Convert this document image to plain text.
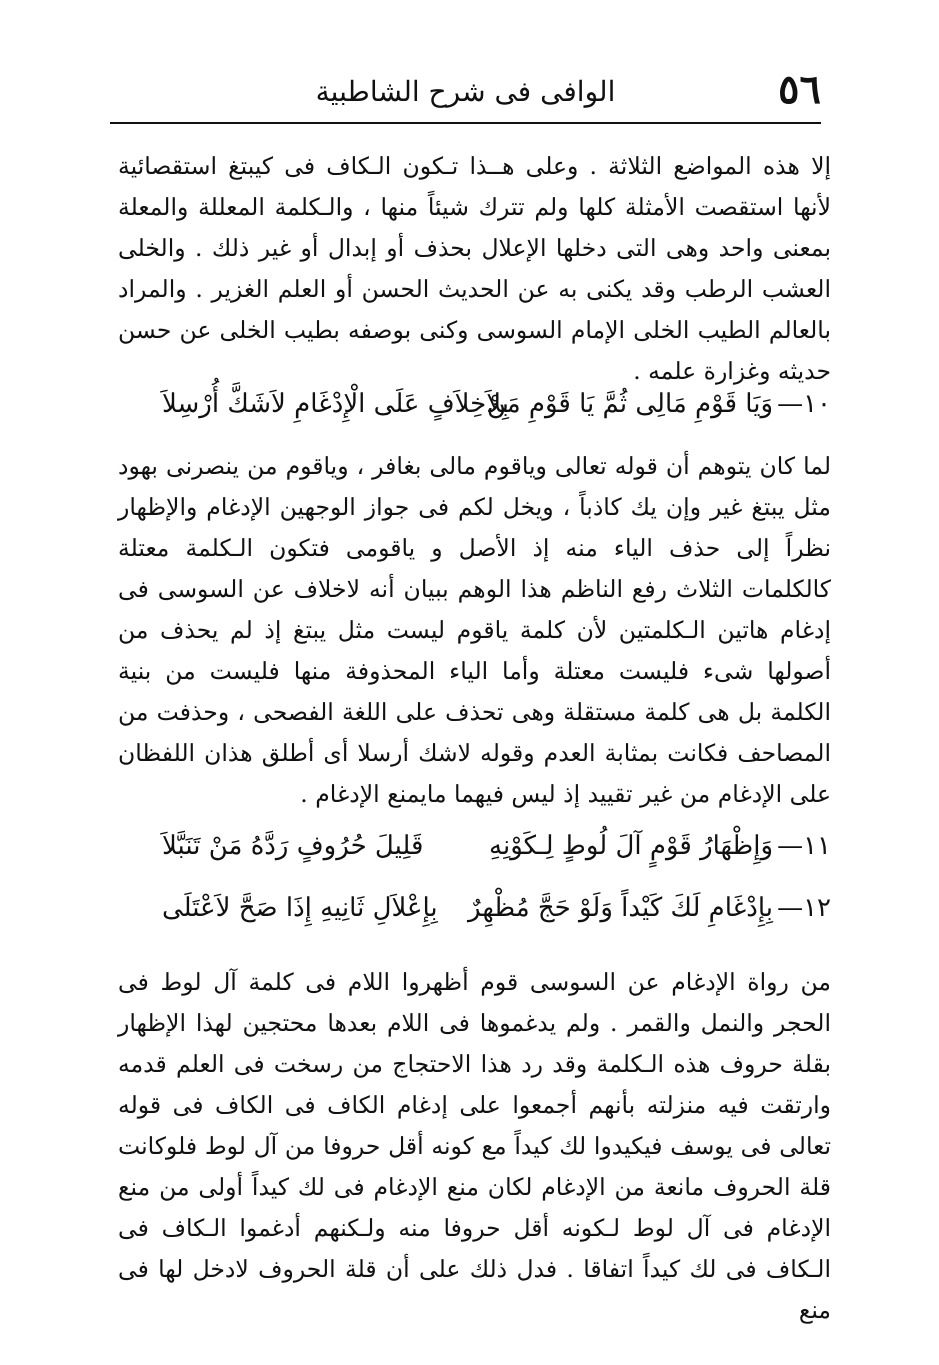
٥٦
الوافى فى شرح الشاطبية

إلا هذه المواضع الثلاثة . وعلى هــذا تـكون الـكاف فى كيبتغ استقصائية لأنها استقصت الأمثلة كلها ولم تترك شيئاً منها ، والـكلمة المعللة والمعلة بمعنى واحد وهى التى دخلها الإعلال بحذف أو إبدال أو غير ذلك . والخلى العشب الرطب وقد يكنى به عن الحديث الحسن أو العلم الغزير . والمراد بالعالم الطيب الخلى الإمام السوسى وكنى بوصفه بطيب الخلى عن حسن حديثه وغزارة علمه .

١٠—
وَيَا قَوْمِ مَالِى ثُمَّ يَا قَوْمِ مَنْ
بِلاَخِلاَفٍ عَلَى الْإِدْغَامِ لاَشَكَّ أُرْسِلاَ

لما كان يتوهم أن قوله تعالى وياقوم مالى بغافر ، وياقوم من ينصرنى بهود مثل يبتغ غير وإن يك كاذباً ، ويخل لكم فى جواز الوجهين الإدغام والإظهار نظراً إلى حذف الياء منه إذ الأصل و ياقومى فتكون الـكلمة معتلة كالكلمات الثلاث رفع الناظم هذا الوهم ببيان أنه لاخلاف عن السوسى فى إدغام هاتين الـكلمتين لأن كلمة ياقوم ليست مثل يبتغ إذ لم يحذف من أصولها شىء فليست معتلة وأما الياء المحذوفة منها فليست من بنية الكلمة بل هى كلمة مستقلة وهى تحذف على اللغة الفصحى ، وحذفت من المصاحف فكانت بمثابة العدم وقوله لاشك أرسلا أى أطلق هذان اللفظان على الإدغام من غير تقييد إذ ليس فيهما مايمنع الإدغام .

١١—
وَإِظْهَارُ قَوْمٍ آلَ لُوطٍ لِـكَوْنِهِ
قَلِيلَ حُرُوفٍ رَدَّهُ مَنْ تَنَبَّلاَ
١٢—
بِإِدْغَامِ لَكَ كَيْداً وَلَوْ حَجَّ مُظْهِرٌ
بِإِعْلاَلِ ثَانِيهِ إِذَا صَحَّ لاَعْتَلَى

من رواة الإدغام عن السوسى قوم أظهروا اللام فى كلمة آل لوط فى الحجر والنمل والقمر . ولم يدغموها فى اللام بعدها محتجين لهذا الإظهار بقلة حروف هذه الـكلمة وقد رد هذا الاحتجاج من رسخت فى العلم قدمه وارتقت فيه منزلته بأنهم أجمعوا على إدغام الكاف فى الكاف فى قوله تعالى فى يوسف فيكيدوا لك كيداً مع كونه أقل حروفا من آل لوط فلوكانت قلة الحروف مانعة من الإدغام لكان منع الإدغام فى لك كيداً أولى من منع الإدغام فى آل لوط لـكونه أقل حروفا منه ولـكنهم أدغموا الـكاف فى الـكاف فى لك كيداً اتفاقا . فدل ذلك على أن قلة الحروف لادخل لها فى منع
